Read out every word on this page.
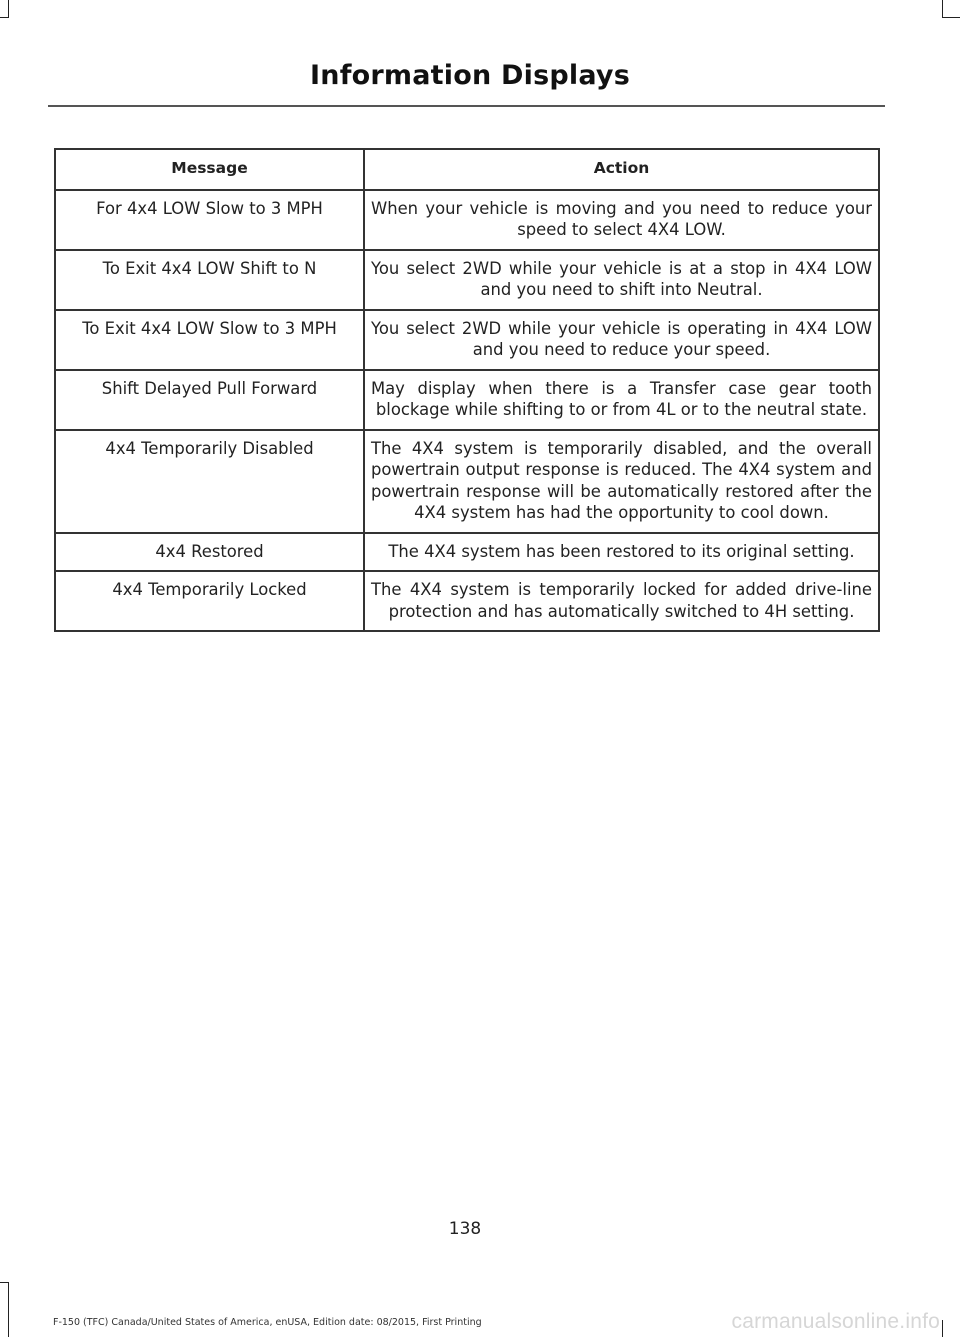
Information Displays
Message	Action
For 4x4 LOW Slow to 3 MPH	When your vehicle is moving and you need to reduce your speed to select 4X4 LOW.
To Exit 4x4 LOW Shift to N	You select 2WD while your vehicle is at a stop in 4X4 LOW and you need to shift into Neutral.
To Exit 4x4 LOW Slow to 3 MPH	You select 2WD while your vehicle is operating in 4X4 LOW and you need to reduce your speed.
Shift Delayed Pull Forward	May display when there is a Transfer case gear tooth blockage while shifting to or from 4L or to the neutral state.
4x4 Temporarily Disabled	The 4X4 system is temporarily disabled, and the overall powertrain output response is reduced. The 4X4 system and powertrain response will be automatically restored after the 4X4 system has had the opportunity to cool down.
4x4 Restored	The 4X4 system has been restored to its original setting.
4x4 Temporarily Locked	The 4X4 system is temporarily locked for added drive-line protection and has automatically switched to 4H setting.
138
F-150 (TFC) Canada/United States of America, enUSA, Edition date: 08/2015, First Printing	carmanualsonline.info
